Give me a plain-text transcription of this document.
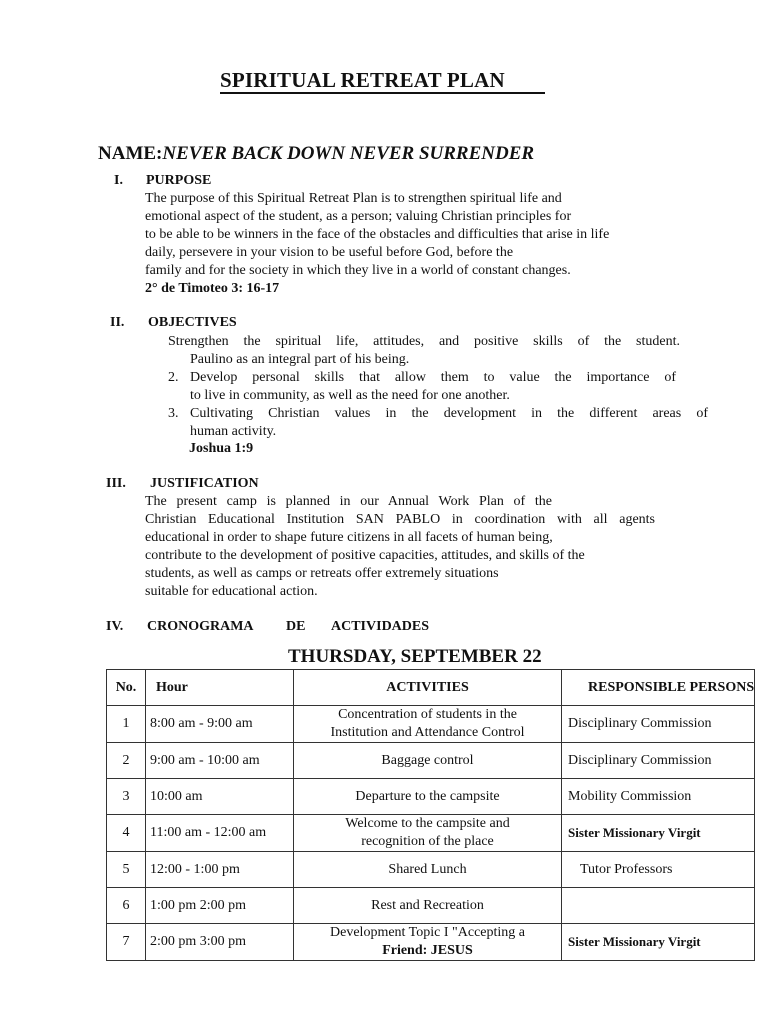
SPIRITUAL RETREAT PLAN
NAME:NEVER BACK DOWN NEVER SURRENDER
I. PURPOSE
The purpose of this Spiritual Retreat Plan is to strengthen spiritual life and
emotional aspect of the student, as a person; valuing Christian principles for
to be able to be winners in the face of the obstacles and difficulties that arise in life
daily, persevere in your vision to be useful before God, before the
family and for the society in which they live in a world of constant changes.
2° de Timoteo 3: 16-17
II. OBJECTIVES
Strengthen the spiritual life, attitudes, and positive skills of the student.
Paulino as an integral part of his being.
2. Develop personal skills that allow them to value the importance of
to live in community, as well as the need for one another.
3. Cultivating Christian values in the development in the different areas of
human activity.
Joshua 1:9
III. JUSTIFICATION
The present camp is planned in our Annual Work Plan of the
Christian Educational Institution SAN PABLO in coordination with all agents
educational in order to shape future citizens in all facets of human being,
contribute to the development of positive capacities, attitudes, and skills of the
students, as well as camps or retreats offer extremely situations
suitable for educational action.
IV. CRONOGRAMA DE ACTIVIDADES
THURSDAY, SEPTEMBER 22
No.	Hour	ACTIVITIES	RESPONSIBLE PERSONS
1	8:00 am - 9:00 am	Concentration of students in the
Institution and Attendance Control	Disciplinary Commission
2	9:00 am - 10:00 am	Baggage control	Disciplinary Commission
3	10:00 am	Departure to the campsite	Mobility Commission
4	11:00 am - 12:00 am	Welcome to the campsite and
recognition of the place	Sister Missionary Virgit
5	12:00 - 1:00 pm	Shared Lunch	Tutor Professors
6	1:00 pm 2:00 pm	Rest and Recreation	

7	2:00 pm 3:00 pm	Development Topic I "Accepting a
Friend: JESUS	Sister Missionary Virgit
